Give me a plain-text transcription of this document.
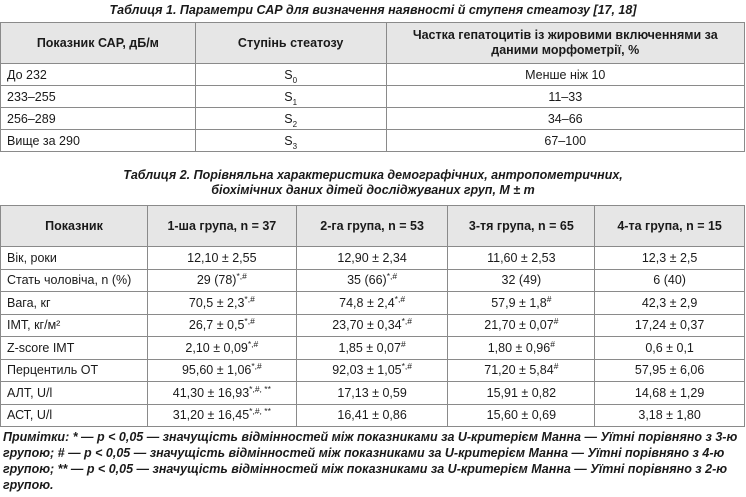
Таблиця 1. Параметри САР для визначення наявності й ступеня стеатозу [17, 18]
Показник САР, дБ/м	Ступінь стеатозу	Частка гепатоцитів із жировими включеннями за даними морфометрії, %
До 232	$S_0$	Менше ніж 10
233–255	$S_1$	11–33
256–289	$S_2$	34–66
Вище за 290	$S_3$	67–100
Таблиця 2. Порівняльна характеристика демографічних, антропометричних,
біохімічних даних дітей досліджуваних груп, M ± m
Показник	1-ша група, n = 37	2-га група, n = 53	3-тя група, n = 65	4-та група, n = 15
Вік, роки	12,10 ± 2,55	12,90 ± 2,34	11,60 ± 2,53	12,3 ± 2,5
Стать чоловіча, n (%)	29 (78)*,#	35 (66)*,#	32 (49)	6 (40)
Вага, кг	70,5 ± 2,3*,#	74,8 ± 2,4*,#	57,9 ± 1,8#	42,3 ± 2,9
ІМТ, кг/м²	26,7 ± 0,5*,#	23,70 ± 0,34*,#	21,70 ± 0,07#	17,24 ± 0,37
Z-score ІМТ	2,10 ± 0,09*,#	1,85 ± 0,07#	1,80 ± 0,96#	0,6 ± 0,1
Перцентиль ОТ	95,60 ± 1,06*,#	92,03 ± 1,05*,#	71,20 ± 5,84#	57,95 ± 6,06
АЛТ, U/l	41,30 ± 16,93*,#, **	17,13 ± 0,59	15,91 ± 0,82	14,68 ± 1,29
АСТ, U/l	31,20 ± 16,45*,#, **	16,41 ± 0,86	15,60 ± 0,69	3,18 ± 1,80
Примітки: * — p < 0,05 — значущість відмінностей між показниками за U-критерієм Манна — Уїтні порівняно з 3-ю групою; # — p < 0,05 — значущість відмінностей між показниками за U-критерієм Манна — Уїтні порівняно з 4-ю групою; ** — p < 0,05 — значущість відмінностей між показниками за U-критерієм Манна — Уїтні порівняно з 2-ю групою.
